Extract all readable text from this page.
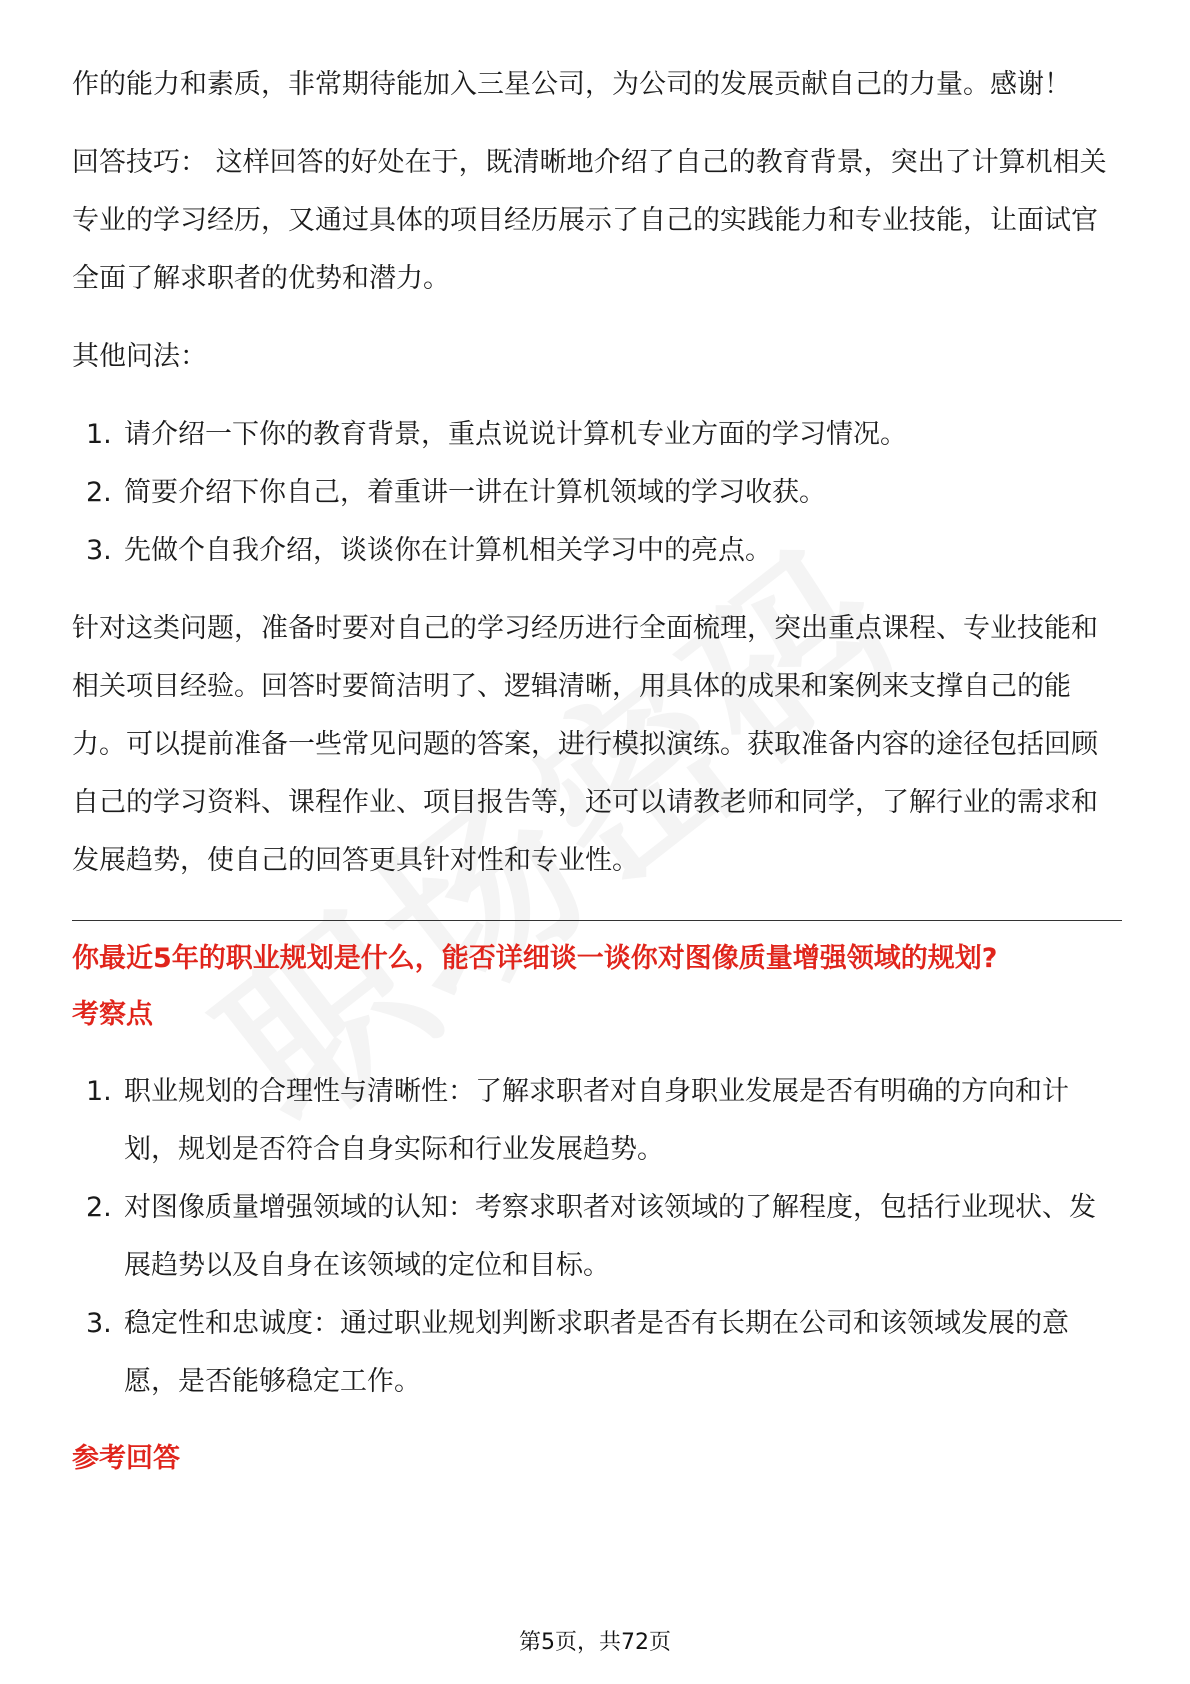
作的能力和素质，非常期待能加入三星公司，为公司的发展贡献自己的力量。感谢！

回答技巧： 这样回答的好处在于，既清晰地介绍了自己的教育背景，突出了计算机相关专业的学习经历，又通过具体的项目经历展示了自己的实践能力和专业技能，让面试官全面了解求职者的优势和潜力。

其他问法：

1. 请介绍一下你的教育背景，重点说说计算机专业方面的学习情况。
2. 简要介绍下你自己，着重讲一讲在计算机领域的学习收获。
3. 先做个自我介绍，谈谈你在计算机相关学习中的亮点。

针对这类问题，准备时要对自己的学习经历进行全面梳理，突出重点课程、专业技能和相关项目经验。回答时要简洁明了、逻辑清晰，用具体的成果和案例来支撑自己的能力。可以提前准备一些常见问题的答案，进行模拟演练。获取准备内容的途径包括回顾自己的学习资料、课程作业、项目报告等，还可以请教老师和同学，了解行业的需求和发展趋势，使自己的回答更具针对性和专业性。

你最近5年的职业规划是什么，能否详细谈一谈你对图像质量增强领域的规划?

考察点

1. 职业规划的合理性与清晰性：了解求职者对自身职业发展是否有明确的方向和计划，规划是否符合自身实际和行业发展趋势。
2. 对图像质量增强领域的认知：考察求职者对该领域的了解程度，包括行业现状、发展趋势以及自身在该领域的定位和目标。
3. 稳定性和忠诚度：通过职业规划判断求职者是否有长期在公司和该领域发展的意愿，是否能够稳定工作。

参考回答

第5页，共72页
